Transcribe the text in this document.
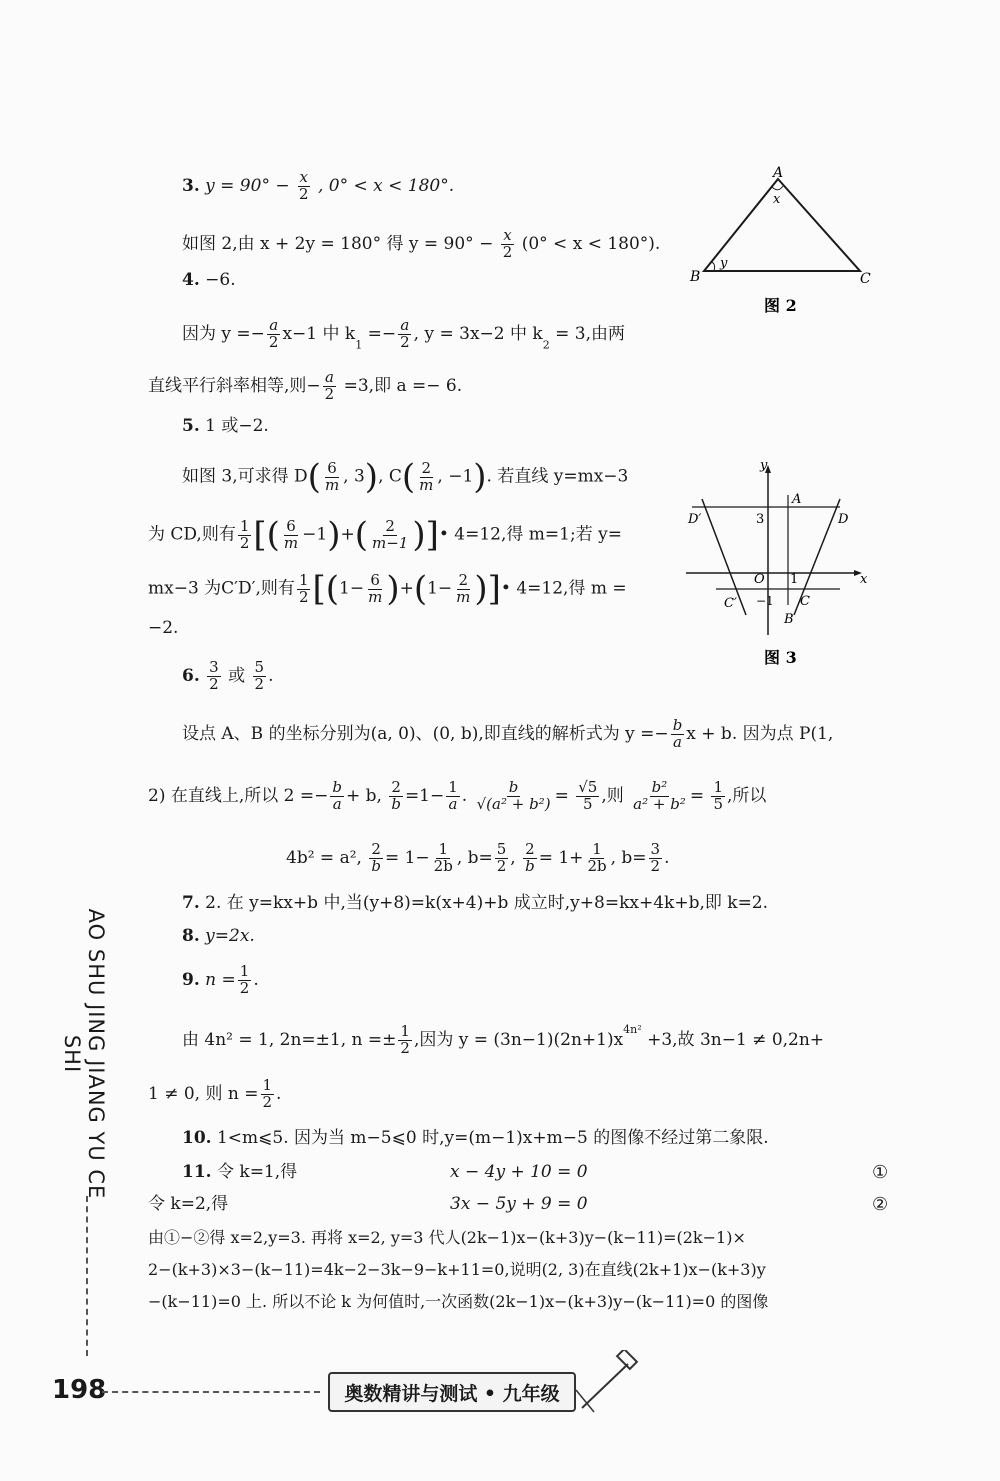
3. $y = 90^\circ - \frac{x}{2}$ , 0° < x < 180°.
如图 2,由 x + 2y = 180° 得 $y = 90^\circ - \frac{x}{2} (0^\circ < x < 180^\circ)$.
4. −6.
因为 $y =- \frac{a}{2} x-1$ 中 $k1 =- \frac{a}{2}$ , y = 3x−2 中 k2 = 3,由两
直线平行斜率相等,则− $\frac{a}{2} =3$,即 a =− 6.
5. 1 或−2.
如图 3,可求得 $D( \frac{6}{m}$ , 3), $C( \frac{2}{m}$ , −1). 若直线 y=mx−3
为 CD,则有 $\frac{1}{2}$ [( $\frac{6}{m} -1)+( \frac{2}{m-1}$ )]• 4=12,得 m=1;若 y=
mx−3 为C′D′,则有 $\frac{1}{2} [(1- \frac{6}{m} )+(1- \frac{2}{m}$ )]• 4=12,得 m =
−2.
6. $\frac{3}{2}$ 或 $\frac{5}{2}$ .
设点 A、B 的坐标分别为(a, 0)、(0, b),即直线的解析式为 $y =- \frac{b}{a}$ x + b. 因为点 P(1,
2) 在直线上,所以 $2 =- \frac{b}{a} + b$, $\frac{2}{b} =1- \frac{1}{a}$ . $\frac{b}{\text{√(a² + b²)}} = \frac{√5}{5}$ ,则 $\frac{\text{b²}}{\text{a² + b²}} = \frac{1}{5}$ ,所以
4b² = a², $\frac{2}{b} = 1- \frac{1}{2b}$ , $b= \frac{5}{2}$ , $\frac{2}{b} = 1+ \frac{1}{2b}$ , $b= \frac{3}{2}$ .
7. 2. 在 y=kx+b 中,当(y+8)=k(x+4)+b 成立时,y+8=kx+4k+b,即 k=2.
8. y=2x.
9. $n = \frac{1}{2}$ .
由 4n² = 1, 2n=±1, $n =\pm \frac{1}{2}$ ,因为 $y = (3n-1)(2n+1)x^{4n^2} +3$,故 3n−1 ≠ 0,2n+
1 ≠ 0, 则 $n = \frac{1}{2}$ .
10. 1<m⩽5. 因为当 m−5⩽0 时,y=(m−1)x+m−5 的图像不经过第二象限.
11. 令 k=1,得	x − 4y + 10 = 0	①
令 k=2,得	3x − 5y + 9 = 0	②
由①−②得 x=2,y=3. 再将 x=2, y=3 代人(2k−1)x−(k+3)y−(k−11)=(2k−1)×
2−(k+3)×3−(k−11)=4k−2−3k−9−k+11=0,说明(2, 3)在直线(2k+1)x−(k+3)y
−(k−11)=0 上. 所以不论 k 为何值时,一次函数(2k−1)x−(k+3)y−(k−11)=0 的图像
A
B	C
x
y
图 2
y
x
A
B
C
D
C′
D′
O
3
1
−1
图 3
AO SHU JING JIANG YU CE SHI
198	奥数精讲与测试 • 九年级
